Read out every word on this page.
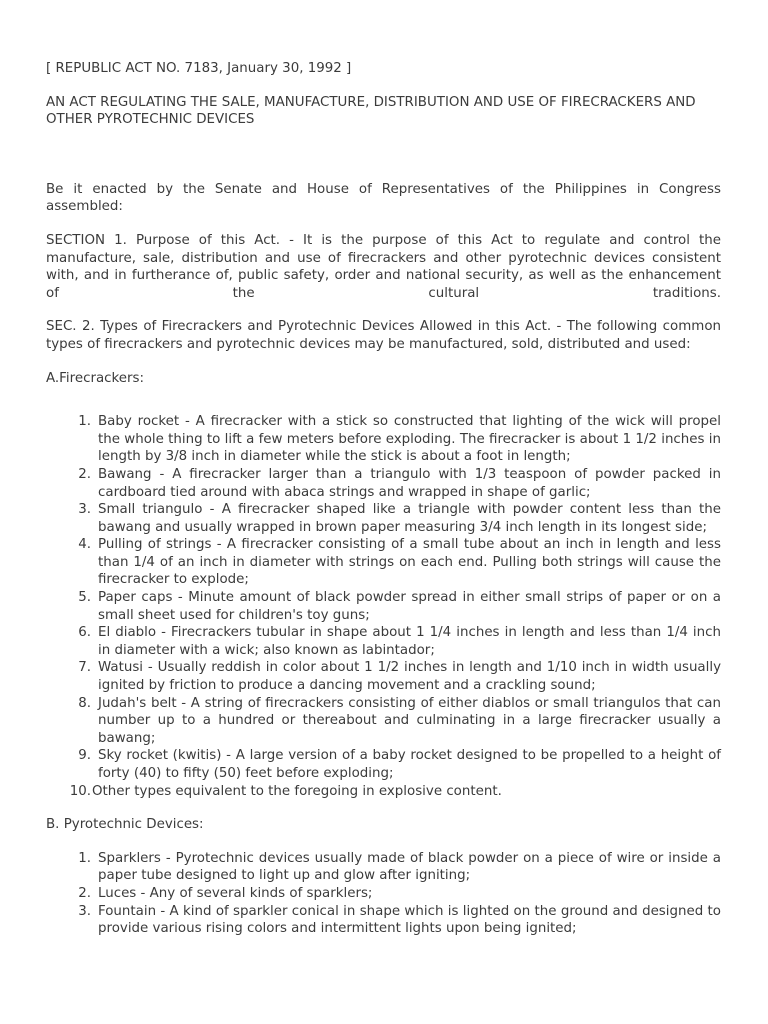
[ REPUBLIC ACT NO. 7183, January 30, 1992 ]

AN ACT REGULATING THE SALE, MANUFACTURE, DISTRIBUTION AND USE OF FIRECRACKERS AND OTHER PYROTECHNIC DEVICES

Be it enacted by the Senate and House of Representatives of the Philippines in Congress assembled:

SECTION 1. Purpose of this Act. - It is the purpose of this Act to regulate and control the manufacture, sale, distribution and use of firecrackers and other pyrotechnic devices consistent with, and in furtherance of, public safety, order and national security, as well as the enhancement of the cultural traditions.

SEC. 2. Types of Firecrackers and Pyrotechnic Devices Allowed in this Act. - The following common types of firecrackers and pyrotechnic devices may be manufactured, sold, distributed and used:

A.Firecrackers:

1. Baby rocket - A firecracker with a stick so constructed that lighting of the wick will propel the whole thing to lift a few meters before exploding. The firecracker is about 1 1/2 inches in length by 3/8 inch in diameter while the stick is about a foot in length;
2. Bawang - A firecracker larger than a triangulo with 1/3 teaspoon of powder packed in cardboard tied around with abaca strings and wrapped in shape of garlic;
3. Small triangulo - A firecracker shaped like a triangle with powder content less than the bawang and usually wrapped in brown paper measuring 3/4 inch length in its longest side;
4. Pulling of strings - A firecracker consisting of a small tube about an inch in length and less than 1/4 of an inch in diameter with strings on each end. Pulling both strings will cause the firecracker to explode;
5. Paper caps - Minute amount of black powder spread in either small strips of paper or on a small sheet used for children's toy guns;
6. El diablo - Firecrackers tubular in shape about 1 1/4 inches in length and less than 1/4 inch in diameter with a wick; also known as labintador;
7. Watusi - Usually reddish in color about 1 1/2 inches in length and 1/10 inch in width usually ignited by friction to produce a dancing movement and a crackling sound;
8. Judah's belt - A string of firecrackers consisting of either diablos or small triangulos that can number up to a hundred or thereabout and culminating in a large firecracker usually a bawang;
9. Sky rocket (kwitis) - A large version of a baby rocket designed to be propelled to a height of forty (40) to fifty (50) feet before exploding;
10. Other types equivalent to the foregoing in explosive content.

B. Pyrotechnic Devices:

1. Sparklers - Pyrotechnic devices usually made of black powder on a piece of wire or inside a paper tube designed to light up and glow after igniting;
2. Luces - Any of several kinds of sparklers;
3. Fountain - A kind of sparkler conical in shape which is lighted on the ground and designed to provide various rising colors and intermittent lights upon being ignited;
